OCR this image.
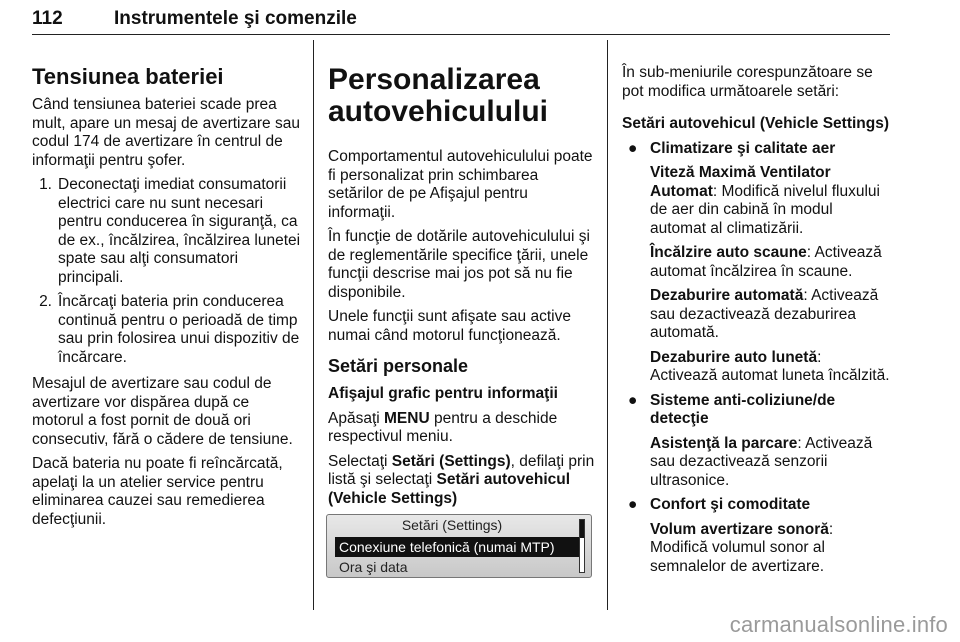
112	Instrumentele şi comenzile
Tensiunea bateriei

Când tensiunea bateriei scade prea mult, apare un mesaj de avertizare sau codul 174 de avertizare în centrul de informaţii pentru şofer.

1. Deconectaţi imediat consumatorii electrici care nu sunt necesari pentru conducerea în siguranţă, ca de ex., încălzirea, încălzirea lunetei spate sau alţi consumatori principali.
2. Încărcaţi bateria prin conducerea continuă pentru o perioadă de timp sau prin folosirea unui dispozitiv de încărcare.

Mesajul de avertizare sau codul de avertizare vor dispărea după ce motorul a fost pornit de două ori consecutiv, fără o cădere de tensiune.

Dacă bateria nu poate fi reîncărcată, apelaţi la un atelier service pentru eliminarea cauzei sau remedierea defecţiunii.

Personalizarea autovehiculului

Comportamentul autovehiculului poate fi personalizat prin schimbarea setărilor de pe Afişajul pentru informaţii.

În funcţie de dotările autovehiculului şi de reglementările specifice ţării, unele funcţii descrise mai jos pot să nu fie disponibile.

Unele funcţii sunt afişate sau active numai când motorul funcţionează.

Setări personale

Afişajul grafic pentru informaţii

Apăsaţi MENU pentru a deschide respectivul meniu.

Selectaţi Setări (Settings), defilaţi prin listă şi selectaţi Setări autovehicul (Vehicle Settings)

Setări (Settings)
Conexiune telefonică (numai MTP)
Ora şi data

În sub-meniurile corespunzătoare se pot modifica următoarele setări:

Setări autovehicul (Vehicle Settings)

● Climatizare şi calitate aer
Viteză Maximă Ventilator Automat: Modifică nivelul fluxului de aer din cabină în modul automat al climatizării.
Încălzire auto scaune: Activează automat încălzirea în scaune.
Dezaburire automată: Activează sau dezactivează dezaburirea automată.
Dezaburire auto lunetă: Activează automat luneta încălzită.
● Sisteme anti-coliziune/de detecţie
Asistenţă la parcare: Activează sau dezactivează senzorii ultrasonice.
● Confort şi comoditate
Volum avertizare sonoră: Modifică volumul sonor al semnalelor de avertizare.
carmanualsonline.info
